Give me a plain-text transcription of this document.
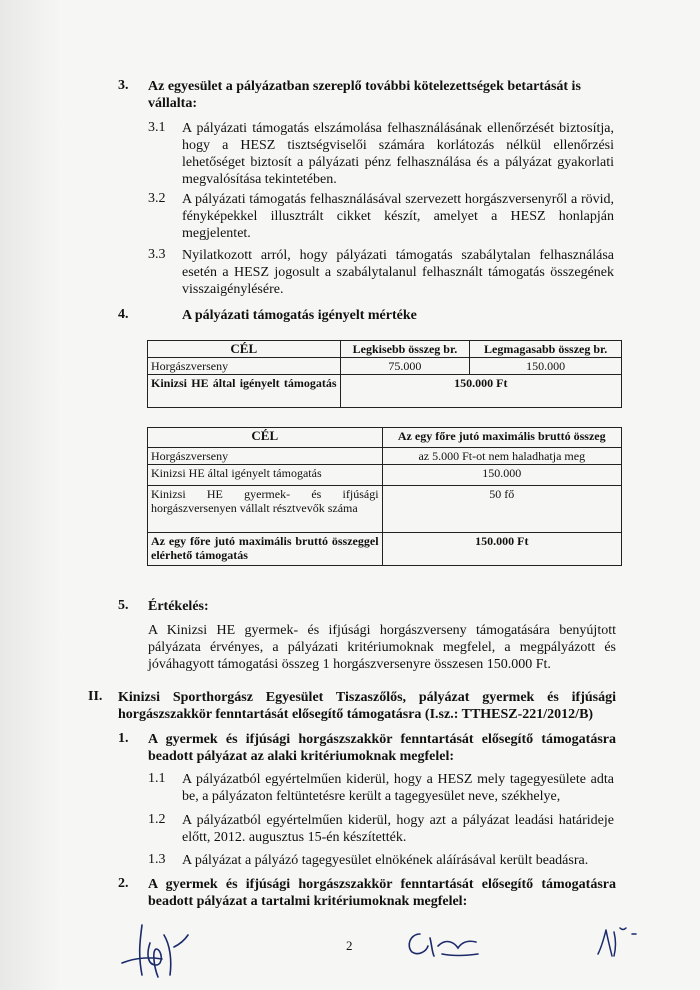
3. Az egyesület a pályázatban szereplő további kötelezettségek betartását is vállalta:
3.1 A pályázati támogatás elszámolása felhasználásának ellenőrzését biztosítja, hogy a HESZ tisztségviselői számára korlátozás nélkül ellenőrzési lehetőséget biztosít a pályázati pénz felhasználása és a pályázat gyakorlati megvalósítása tekintetében.
3.2 A pályázati támogatás felhasználásával szervezett horgászversenyről a rövid, fényképekkel illusztrált cikket készít, amelyet a HESZ honlapján megjelentet.
3.3 Nyilatkozott arról, hogy pályázati támogatás szabálytalan felhasználása esetén a HESZ jogosult a szabálytalanul felhasznált támogatás összegének visszaigénylésére.
4.	A pályázati támogatás igényelt mértéke
CÉL	Legkisebb összeg br.	Legmagasabb összeg br.
Horgászverseny	75.000	150.000
Kinizsi HE által igényelt támogatás	150.000 Ft	
CÉL	Az egy főre jutó maximális bruttó összeg
Horgászverseny	az 5.000 Ft-ot nem haladhatja meg
Kinizsi HE által igényelt támogatás	150.000
Kinizsi HE gyermek- és ifjúsági horgászversenyen vállalt résztvevők száma	50 fő
Az egy főre jutó maximális bruttó összeggel elérhető támogatás	150.000 Ft
5. Értékelés:
A Kinizsi HE gyermek- és ifjúsági horgászverseny támogatására benyújtott pályázata érvényes, a pályázati kritériumoknak megfelel, a megpályázott és jóváhagyott támogatási összeg 1 horgászversenyre összesen 150.000 Ft.
II. Kinizsi Sporthorgász Egyesület Tiszaszőlős, pályázat gyermek és ifjúsági horgászszakkör fenntartását elősegítő támogatásra (I.sz.: TTHESZ-221/2012/B)
1. A gyermek és ifjúsági horgászszakkör fenntartását elősegítő támogatásra beadott pályázat az alaki kritériumoknak megfelel:
1.1 A pályázatból egyértelműen kiderül, hogy a HESZ mely tagegyesülete adta be, a pályázaton feltüntetésre került a tagegyesület neve, székhelye,
1.2 A pályázatból egyértelműen kiderül, hogy azt a pályázat leadási határideje előtt, 2012. augusztus 15-én készítették.
1.3 A pályázat a pályázó tagegyesület elnökének aláírásával került beadásra.
2. A gyermek és ifjúsági horgászszakkör fenntartását elősegítő támogatásra beadott pályázat a tartalmi kritériumoknak megfelel:
2
